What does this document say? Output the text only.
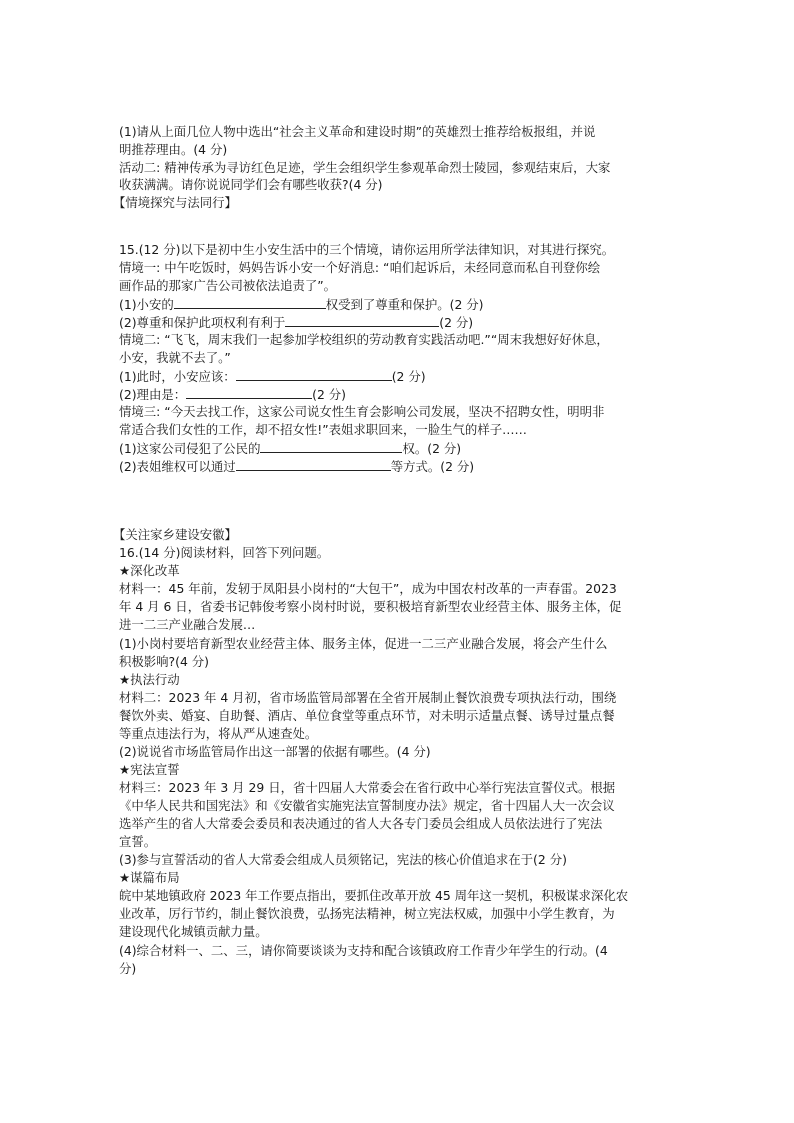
(1)请从上面几位人物中选出“社会主义革命和建设时期”的英雄烈士推荐给板报组，并说
明推荐理由。(4 分)
活动二: 精神传承为寻访红色足迹，学生会组织学生参观革命烈士陵园，参观结束后，大家
收获满满。请你说说同学们会有哪些收获?(4 分)
【情境探究与法同行】
15.(12 分)以下是初中生小安生活中的三个情境，请你运用所学法律知识，对其进行探究。
情境一: 中午吃饭时，妈妈告诉小安一个好消息: “咱们起诉后，未经同意而私自刊登你绘
画作品的那家广告公司被依法追责了”。
(1)小安的	权受到了尊重和保护。(2 分)
(2)尊重和保护此项权利有利于	(2 分)
情境二: “飞飞，周末我们一起参加学校组织的劳动教育实践活动吧.”“周末我想好好休息，
小安，我就不去了。”
(1)此时，小安应该：	(2 分)
(2)理由是：	(2 分)
情境三: “今天去找工作，这家公司说女性生育会影响公司发展，坚决不招聘女性，明明非
常适合我们女性的工作，却不招女性!”表姐求职回来，一脸生气的样子……
(1)这家公司侵犯了公民的	权。(2 分)
(2)表姐维权可以通过	等方式。(2 分)
【关注家乡建设安徽】
16.(14 分)阅读材料，回答下列问题。
★深化改革
材料一：45 年前，发轫于凤阳县小岗村的“大包干”，成为中国农村改革的一声春雷。2023
年 4 月 6 日，省委书记韩俊考察小岗村时说，要积极培育新型农业经营主体、服务主体，促
进一二三产业融合发展…
(1)小岗村要培育新型农业经营主体、服务主体，促进一二三产业融合发展，将会产生什么
积极影响?(4 分)
★执法行动
材料二：2023 年 4 月初，省市场监管局部署在全省开展制止餐饮浪费专项执法行动，围绕
餐饮外卖、婚宴、自助餐、酒店、单位食堂等重点环节，对未明示适量点餐、诱导过量点餐
等重点违法行为，将从严从速查处。
(2)说说省市场监管局作出这一部署的依据有哪些。(4 分)
★宪法宣誓
材料三：2023 年 3 月 29 日，省十四届人大常委会在省行政中心举行宪法宣誓仪式。根据
《中华人民共和国宪法》和《安徽省实施宪法宣誓制度办法》规定，省十四届人大一次会议
选举产生的省人大常委会委员和表决通过的省人大各专门委员会组成人员依法进行了宪法
宣誓。
(3)参与宣誓活动的省人大常委会组成人员须铭记，宪法的核心价值追求在于(2 分)
★谋篇布局
皖中某地镇政府 2023 年工作要点指出，要抓住改革开放 45 周年这一契机，积极谋求深化农
业改革，厉行节约，制止餐饮浪费，弘扬宪法精神，树立宪法权威，加强中小学生教育，为
建设现代化城镇贡献力量。
(4)综合材料一、二、三，请你简要谈谈为支持和配合该镇政府工作青少年学生的行动。(4
分)
